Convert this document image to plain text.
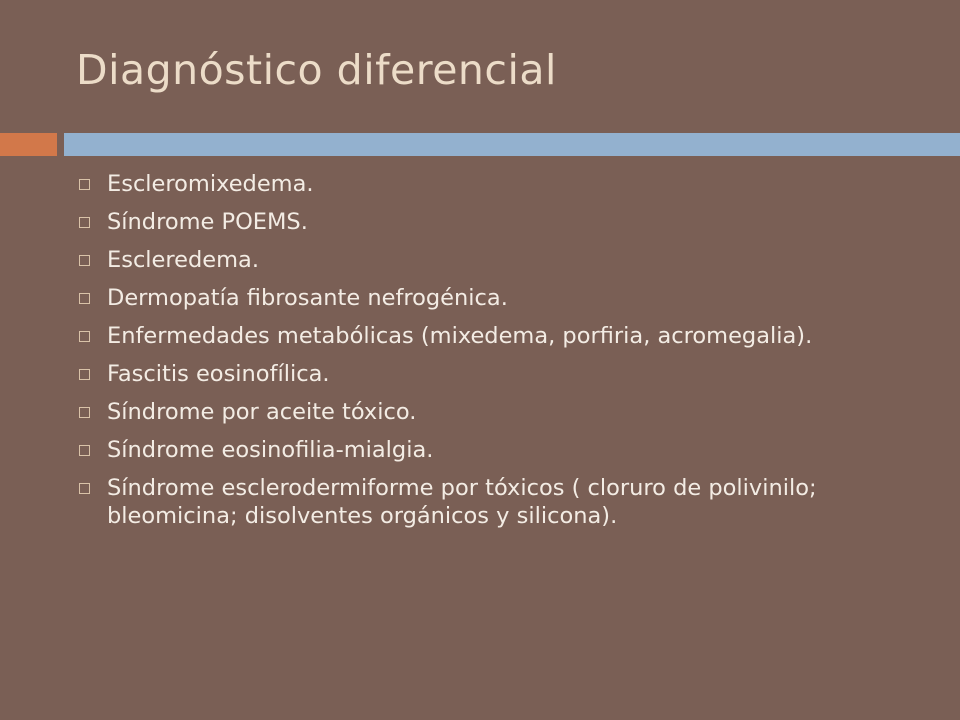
Diagnóstico diferencial
Escleromixedema.
Síndrome POEMS.
Escleredema.
Dermopatía fibrosante nefrogénica.
Enfermedades metabólicas (mixedema, porfiria, acromegalia).
Fascitis eosinofílica.
Síndrome por aceite tóxico.
Síndrome eosinofilia-mialgia.
Síndrome esclerodermiforme por tóxicos ( cloruro de polivinilo; bleomicina; disolventes orgánicos y silicona).
